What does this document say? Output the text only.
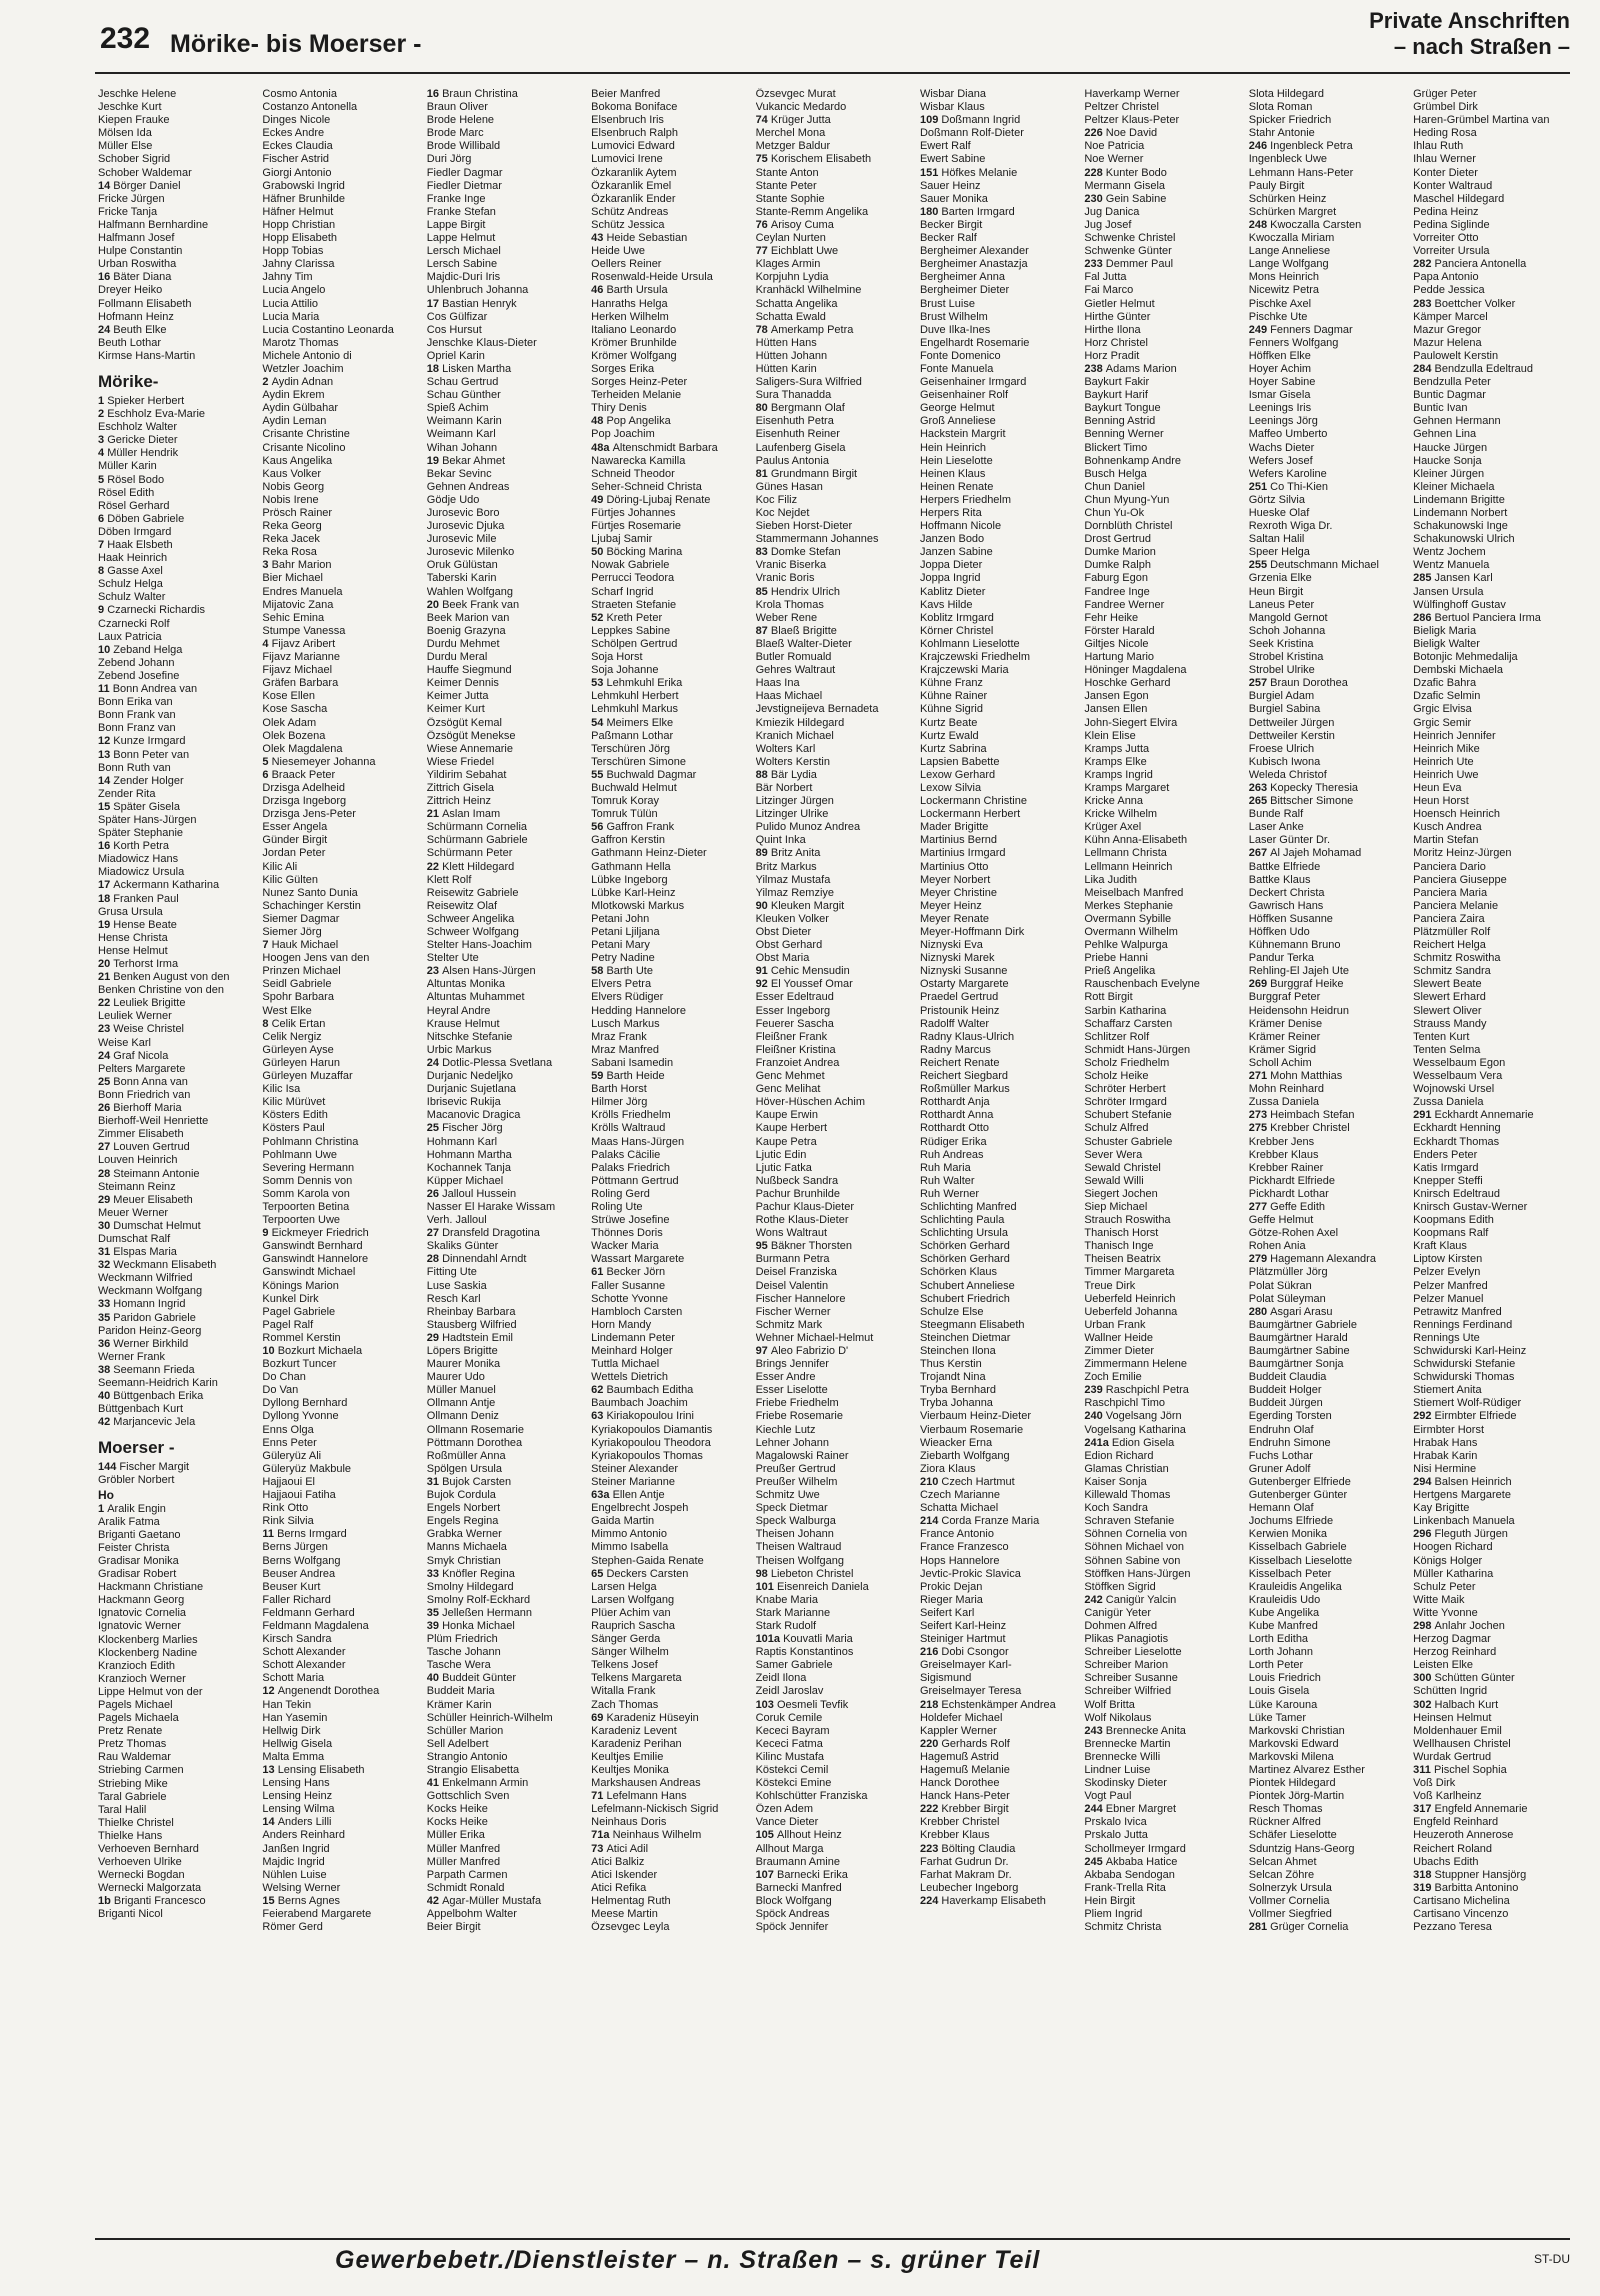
232 Mörike- bis Moerser -
Private Anschriften
– nach Straßen –
Jeschke Helene
Jeschke Kurt
Kiepen Frauke
Mölsen Ida
Müller Else
Schober Sigrid
Schober Waldemar
14 Börger Daniel
Fricke Jürgen
Fricke Tanja
Halfmann Bernhardine
Halfmann Josef
Hulpe Constantin
Urban Roswitha
16 Bäter Diana
Dreyer Heiko
Follmann Elisabeth
Hofmann Heinz
24 Beuth Elke
Beuth Lothar
Kirmse Hans-Martin
Mörike-
1 Spieker Herbert
2 Eschholz Eva-Marie
Eschholz Walter
3 Gericke Dieter
4 Müller Hendrik
Müller Karin
5 Rösel Bodo
Rösel Edith
Rösel Gerhard
6 Döben Gabriele
Döben Irmgard
7 Haak Elsbeth
Haak Heinrich
8 Gasse Axel
Schulz Helga
Schulz Walter
9 Czarnecki Richardis
Czarnecki Rolf
Laux Patricia
10 Zeband Helga
Zebend Johann
Zebend Josefine
11 Bonn Andrea van
Bonn Erika van
Bonn Frank van
Bonn Franz van
12 Kunze Irmgard
13 Bonn Peter van
Bonn Ruth van
14 Zender Holger
Zender Rita
15 Später Gisela
Später Hans-Jürgen
Später Stephanie
16 Korth Petra
Miadowicz Hans
Miadowicz Ursula
17 Ackermann Katharina
18 Franken Paul
Grusa Ursula
19 Hense Beate
Hense Christa
Hense Helmut
20 Terhorst Irma
21 Benken August von den
Benken Christine von den
22 Leuliek Brigitte
Leuliek Werner
23 Weise Christel
Weise Karl
24 Graf Nicola
Pelters Margarete
25 Bonn Anna van
Bonn Friedrich van
26 Bierhoff Maria
Bierhoff-Weil Henriette
Zimmer Elisabeth
27 Louven Gertrud
Louven Heinrich
28 Steimann Antonie
Steimann Reinz
29 Meuer Elisabeth
Meuer Werner
30 Dumschat Helmut
Dumschat Ralf
31 Elspas Maria
32 Weckmann Elisabeth
Weckmann Wilfried
Weckmann Wolfgang
33 Homann Ingrid
35 Paridon Gabriele
Paridon Heinz-Georg
36 Werner Birkhild
Werner Frank
38 Seemann Frieda
Seemann-Heidrich Karin
40 Büttgenbach Erika
Büttgenbach Kurt
42 Marjancevic Jela
Moerser -
144 Fischer Margit
Gröbler Norbert
Ho
1 Aralik Engin
Aralik Fatma
Briganti Gaetano
Feister Christa
Gradisar Monika
Gradisar Robert
Hackmann Christiane
Hackmann Georg
Ignatovic Cornelia
Ignatovic Werner
Klockenberg Marlies
Klockenberg Nadine
Kranzioch Edith
Kranzioch Werner
Lippe Helmut von der
Pagels Michael
Pagels Michaela
Pretz Renate
Pretz Thomas
Rau Waldemar
Striebing Carmen
Striebing Mike
Taral Gabriele
Taral Halil
Thielke Christel
Thielke Hans
Verhoeven Bernhard
Verhoeven Ulrike
Wernecki Bogdan
Wernecki Malgorzata
1b Briganti Francesco
Briganti Nicol
Cosmo Antonia
Costanzo Antonella
Dinges Nicole
Eckes Andre
Eckes Claudia
Fischer Astrid
Giorgi Antonio
Grabowski Ingrid
Häfner Brunhilde
Häfner Helmut
Hopp Christian
Hopp Elisabeth
Hopp Tobias
Jahny Clarissa
Jahny Tim
Lucia Angelo
Lucia Attilio
Lucia Maria
Lucia Costantino Leonarda
Marotz Thomas
Michele Antonio di
Wetzler Joachim
2 Aydin Adnan
Aydin Ekrem
Aydin Gülbahar
Aydin Leman
Crisante Christine
Crisante Nicolino
Kaus Angelika
Kaus Volker
Nobis Georg
Nobis Irene
Prösch Rainer
Reka Georg
Reka Jacek
Reka Rosa
3 Bahr Marion
Bier Michael
Endres Manuela
Mijatovic Zana
Sehic Emina
Stumpe Vanessa
4 Fijavz Aribert
Fijavz Marianne
Fijavz Michael
Gräfen Barbara
Kose Ellen
Kose Sascha
Olek Adam
Olek Bozena
Olek Magdalena
5 Niesemeyer Johanna
6 Braack Peter
Drzisga Adelheid
Drzisga Ingeborg
Drzisga Jens-Peter
Esser Angela
Günder Birgit
Jordan Peter
Kilic Ali
Kilic Gülten
Nunez Santo Dunia
Schachinger Kerstin
Siemer Dagmar
Siemer Jörg
7 Hauk Michael
Hoogen Jens van den
Prinzen Michael
Seidl Gabriele
Spohr Barbara
West Elke
8 Celik Ertan
Celik Nergiz
Gürleyen Ayse
Gürleyen Harun
Gürleyen Muzaffar
Kilic Isa
Kilic Mürüvet
Kösters Edith
Kösters Paul
Pohlmann Christina
Pohlmann Uwe
Severing Hermann
Somm Dennis von
Somm Karola von
Terpoorten Betina
Terpoorten Uwe
9 Eickmeyer Friedrich
Ganswindt Bernhard
Ganswindt Hannelore
Ganswindt Michael
Könings Marion
Kunkel Dirk
Pagel Gabriele
Pagel Ralf
Rommel Kerstin
10 Bozkurt Michaela
Bozkurt Tuncer
Do Chan
Do Van
Dyllong Bernhard
Dyllong Yvonne
Enns Olga
Enns Peter
Güleryüz Ali
Güleryüz Makbule
Hajjaoui El
Hajjaoui Fatiha
Rink Otto
Rink Silvia
11 Berns Irmgard
Berns Jürgen
Berns Wolfgang
Beuser Andrea
Beuser Kurt
Faller Richard
Feldmann Gerhard
Feldmann Magdalena
Kirsch Sandra
Schott Alexander
Schott Alexander
Schott Maria
12 Angenendt Dorothea
Han Tekin
Han Yasemin
Hellwig Dirk
Hellwig Gisela
Malta Emma
13 Lensing Elisabeth
Lensing Hans
Lensing Heinz
Lensing Wilma
14 Anders Lilli
Anders Reinhard
Janßen Ingrid
Majdic Ingrid
Nühlen Luise
Welsing Werner
15 Berns Agnes
Feierabend Margarete
Römer Gerd
16 Braun Christina
Braun Oliver
Brode Helene
Brode Marc
Brode Willibald
Duri Jörg
Fiedler Dagmar
Fiedler Dietmar
Franke Inge
Franke Stefan
Lappe Birgit
Lappe Helmut
Lersch Michael
Lersch Sabine
Majdic-Duri Iris
Uhlenbruch Johanna
17 Bastian Henryk
Cos Gülfizar
Cos Hursut
Jenschke Klaus-Dieter
Opriel Karin
18 Lisken Martha
Schau Gertrud
Schau Günther
Spieß Achim
Weimann Karin
Weimann Karl
Wihan Johann
19 Bekar Ahmet
Bekar Sevinc
Gehnen Andreas
Gödje Udo
Jurosevic Boro
Jurosevic Djuka
Jurosevic Mile
Jurosevic Milenko
Oruk Gülüstan
Taberski Karin
Wahlen Wolfgang
20 Beek Frank van
Beek Marion van
Boenig Grazyna
Durdu Mehmet
Durdu Meral
Hauffe Siegmund
Keimer Dennis
Keimer Jutta
Keimer Kurt
Özsögüt Kemal
Özsögüt Menekse
Wiese Annemarie
Wiese Friedel
Yildirim Sebahat
Zittrich Gisela
Zittrich Heinz
21 Aslan Imam
Schürmann Cornelia
Schürmann Gabriele
Schürmann Peter
22 Klett Hildegard
Klett Rolf
Reisewitz Gabriele
Reisewitz Olaf
Schweer Angelika
Schweer Wolfgang
Stelter Hans-Joachim
Stelter Ute
23 Alsen Hans-Jürgen
Altuntas Monika
Altuntas Muhammet
Heyral Andre
Krause Helmut
Nitschke Stefanie
Urbic Markus
24 Dotlic-Plessa Svetlana
Durjanic Nedeljko
Durjanic Sujetlana
Ibrisevic Rukija
Macanovic Dragica
25 Fischer Jörg
Hohmann Karl
Hohmann Martha
Kochannek Tanja
Küpper Michael
26 Jalloul Hussein
Nasser El Harake Wissam
Verh. Jalloul
27 Dransfeld Dragotina
Skaliks Günter
28 Dinnendahl Arndt
Fitting Ute
Luse Saskia
Resch Karl
Rheinbay Barbara
Stausberg Wilfried
29 Hadtstein Emil
Löpers Brigitte
Maurer Monika
Maurer Udo
Müller Manuel
Ollmann Antje
Ollmann Deniz
Ollmann Rosemarie
Pöttmann Dorothea
Roßmüller Anna
Spölgen Ursula
31 Bujok Carsten
Bujok Cordula
Engels Norbert
Engels Regina
Grabka Werner
Manns Michaela
Smyk Christian
33 Knöfler Regina
Smolny Hildegard
Smolny Rolf-Eckhard
35 Jelleßen Hermann
39 Honka Michael
Plüm Friedrich
Tasche Johann
Tasche Wera
40 Buddeit Günter
Buddeit Maria
Krämer Karin
Schüller Heinrich-Wilhelm
Schüller Marion
Sell Adelbert
Strangio Antonio
Strangio Elisabetta
41 Enkelmann Armin
Gottschlich Sven
Kocks Heike
Kocks Heike
Müller Erika
Müller Manfred
Müller Manfred
Parpath Carmen
Schmidt Ronald
42 Agar-Müller Mustafa
Appelbohm Walter
Beier Birgit
Beier Manfred
Bokoma Boniface
Elsenbruch Iris
Elsenbruch Ralph
Lumovici Edward
Lumovici Irene
Özkaranlik Aytem
Özkaranlik Emel
Özkaranlik Ender
Schütz Andreas
Schütz Jessica
43 Heide Sebastian
Heide Uwe
Oellers Reiner
Rosenwald-Heide Ursula
46 Barth Ursula
Hanraths Helga
Herken Wilhelm
Italiano Leonardo
Krömer Brunhilde
Krömer Wolfgang
Sorges Erika
Sorges Heinz-Peter
Terheiden Melanie
Thiry Denis
48 Pop Angelika
Pop Joachim
48a Altenschmidt Barbara
Nawarecka Kamilla
Schneid Theodor
Seher-Schneid Christa
49 Döring-Ljubaj Renate
Fürtjes Johannes
Fürtjes Rosemarie
Ljubaj Samir
50 Böcking Marina
Nowak Gabriele
Perrucci Teodora
Scharf Ingrid
Straeten Stefanie
52 Kreth Peter
Leppkes Sabine
Schölpen Gertrud
Soja Horst
Soja Johanne
53 Lehmkuhl Erika
Lehmkuhl Herbert
Lehmkuhl Markus
54 Meimers Elke
Paßmann Lothar
Terschüren Jörg
Terschüren Simone
55 Buchwald Dagmar
Buchwald Helmut
Tomruk Koray
Tomruk Tülün
56 Gaffron Frank
Gaffron Kerstin
Gathmann Heinz-Dieter
Gathmann Hella
Lübke Ingeborg
Lübke Karl-Heinz
Mlotkowski Markus
Petani John
Petani Ljiljana
Petani Mary
Petry Nadine
58 Barth Ute
Elvers Petra
Elvers Rüdiger
Hedding Hannelore
Lusch Markus
Mraz Frank
Mraz Manfred
Sabani Isamedin
59 Barth Heide
Barth Horst
Hilmer Jörg
Krölls Friedhelm
Krölls Waltraud
Maas Hans-Jürgen
Palaks Cäcilie
Palaks Friedrich
Pöttmann Gertrud
Roling Gerd
Roling Ute
Strüwe Josefine
Thönnes Doris
Wacker Maria
Wassart Margarete
61 Becker Jörn
Faller Susanne
Schotte Yvonne
Hambloch Carsten
Horn Mandy
Lindemann Peter
Meinhard Holger
Tuttla Michael
Wettels Dietrich
62 Baumbach Editha
Baumbach Joachim
63 Kiriakopoulou Irini
Kyriakopoulos Diamantis
Kyriakopoulou Theodora
Kyriakopoulos Thomas
Steiner Alexander
Steiner Marianne
63a Ellen Antje
Engelbrecht Jospeh
Gaida Martin
Mimmo Antonio
Mimmo Isabella
Stephen-Gaida Renate
65 Deckers Carsten
Larsen Helga
Larsen Wolfgang
Plüer Achim van
Rauprich Sascha
Sänger Gerda
Sänger Wilhelm
Telkens Josef
Telkens Margareta
Witalla Frank
Zach Thomas
69 Karadeniz Hüseyin
Karadeniz Levent
Karadeniz Perihan
Keultjes Emilie
Keultjes Monika
Markshausen Andreas
71 Lefelmann Hans
Lefelmann-Nickisch Sigrid
Neinhaus Doris
71a Neinhaus Wilhelm
73 Atici Adil
Atici Balkiz
Atici Iskender
Atici Refika
Helmentag Ruth
Meese Martin
Özsevgec Leyla
Özsevgec Murat
Vukancic Medardo
74 Krüger Jutta
Merchel Mona
Metzger Baldur
75 Korischem Elisabeth
Stante Anton
Stante Peter
Stante Sophie
Stante-Remm Angelika
76 Arisoy Cuma
Ceylan Nurten
77 Eichblatt Uwe
Klages Armin
Korpjuhn Lydia
Kranhäckl Wilhelmine
Schatta Angelika
Schatta Ewald
78 Amerkamp Petra
Hütten Hans
Hütten Johann
Hütten Karin
Saligers-Sura Wilfried
Sura Thanadda
80 Bergmann Olaf
Eisenhuth Petra
Eisenhuth Reiner
Laufenberg Gisela
Paulus Antonia
81 Grundmann Birgit
Günes Hasan
Koc Filiz
Koc Nejdet
Sieben Horst-Dieter
Stammermann Johannes
83 Domke Stefan
Vranic Biserka
Vranic Boris
85 Hendrix Ulrich
Krola Thomas
Weber Rene
87 Blaeß Brigitte
Blaeß Walter-Dieter
Butler Romuald
Gehres Waltraut
Haas Ina
Haas Michael
Jevstigneijeva Bernadeta
Kmiezik Hildegard
Kranich Michael
Wolters Karl
Wolters Kerstin
88 Bär Lydia
Bär Norbert
Litzinger Jürgen
Litzinger Ulrike
Pulido Munoz Andrea
Quint Inka
89 Britz Anita
Britz Markus
Yilmaz Mustafa
Yilmaz Remziye
90 Kleuken Margit
Kleuken Volker
Obst Dieter
Obst Gerhard
Obst Maria
91 Cehic Mensudin
92 El Youssef Omar
Esser Edeltraud
Esser Ingeborg
Feuerer Sascha
Fleißner Frank
Fleißner Kristina
Franzoiet Andrea
Genc Mehmet
Genc Melihat
Höver-Hüschen Achim
Kaupe Erwin
Kaupe Herbert
Kaupe Petra
Ljutic Edin
Ljutic Fatka
Nußbeck Sandra
Pachur Brunhilde
Pachur Klaus-Dieter
Rothe Klaus-Dieter
Wons Waltraut
95 Bäkner Thorsten
Burmann Petra
Deisel Franziska
Deisel Valentin
Fischer Hannelore
Fischer Werner
Schmitz Mark
Wehner Michael-Helmut
97 Aleo Fabrizio D'
Brings Jennifer
Esser Andre
Esser Liselotte
Friebe Friedhelm
Friebe Rosemarie
Kiechle Lutz
Lehner Johann
Magalowski Rainer
Preußer Gertrud
Preußer Wilhelm
Schmitz Uwe
Speck Dietmar
Speck Walburga
Theisen Johann
Theisen Waltraud
Theisen Wolfgang
98 Liebeton Christel
101 Eisenreich Daniela
Knabe Maria
Stark Marianne
Stark Rudolf
101a Kouvatli Maria
Raptis Konstantinos
Samer Gabriele
Zeidl Ilona
Zeidl Jaroslav
103 Oesmeli Tevfik
Coruk Cemile
Kececi Bayram
Kececi Fatma
Kilinc Mustafa
Köstekci Cemil
Köstekci Emine
Kohlschütter Franziska
Özen Adem
Vance Dieter
105 Allhout Heinz
Allhout Marga
Braumann Amine
107 Barnecki Erika
Barnecki Manfred
Block Wolfgang
Spöck Andreas
Spöck Jennifer
Wisbar Diana
Wisbar Klaus
109 Doßmann Ingrid
Doßmann Rolf-Dieter
Ewert Ralf
Ewert Sabine
151 Höfkes Melanie
Sauer Heinz
Sauer Monika
180 Barten Irmgard
Becker Birgit
Becker Ralf
Bergheimer Alexander
Bergheimer Anastazja
Bergheimer Anna
Bergheimer Dieter
Brust Luise
Brust Wilhelm
Duve Ilka-Ines
Engelhardt Rosemarie
Fonte Domenico
Fonte Manuela
Geisenhainer Irmgard
Geisenhainer Rolf
George Helmut
Groß Anneliese
Hackstein Margrit
Hein Heinrich
Hein Lieselotte
Heinen Klaus
Heinen Renate
Herpers Friedhelm
Herpers Rita
Hoffmann Nicole
Janzen Bodo
Janzen Sabine
Joppa Dieter
Joppa Ingrid
Kablitz Dieter
Kavs Hilde
Koblitz Irmgard
Körner Christel
Kohlmann Lieselotte
Krajczewski Friedhelm
Krajczewski Maria
Kühne Franz
Kühne Rainer
Kühne Sigrid
Kurtz Beate
Kurtz Ewald
Kurtz Sabrina
Lapsien Babette
Lexow Gerhard
Lexow Silvia
Lockermann Christine
Lockermann Herbert
Mader Brigitte
Martinius Bernd
Martinius Irmgard
Martinius Otto
Meyer Norbert
Meyer Christine
Meyer Heinz
Meyer Renate
Meyer-Hoffmann Dirk
Niznyski Eva
Niznyski Marek
Niznyski Susanne
Ostarty Margarete
Praedel Gertrud
Pristounik Heinz
Radolff Walter
Radny Klaus-Ulrich
Radny Marcus
Reichert Renate
Reichert Siegbard
Roßmüller Markus
Rotthardt Anja
Rotthardt Anna
Rotthardt Otto
Rüdiger Erika
Ruh Andreas
Ruh Maria
Ruh Walter
Ruh Werner
Schlichting Manfred
Schlichting Paula
Schlichting Ursula
Schörken Gerhard
Schörken Gerhard
Schörken Klaus
Schubert Anneliese
Schubert Friedrich
Schulze Else
Steegmann Elisabeth
Steinchen Dietmar
Steinchen Ilona
Thus Kerstin
Trojandt Nina
Tryba Bernhard
Tryba Johanna
Vierbaum Heinz-Dieter
Vierbaum Rosemarie
Wieacker Erna
Ziebarth Wolfgang
Ziora Klaus
210 Czech Hartmut
Czech Marianne
Schatta Michael
214 Corda Franze Maria
France Antonio
France Franzesco
Hops Hannelore
Jevtic-Prokic Slavica
Prokic Dejan
Rieger Maria
Seifert Karl
Seifert Karl-Heinz
Steiniger Hartmut
216 Dobi Csongor
Greiselmayer Karl-
Sigismund
Greiselmayer Teresa
218 Echstenkämper Andrea
Holdefer Michael
Kappler Werner
220 Gerhards Rolf
Hagemuß Astrid
Hagemuß Melanie
Hanck Dorothee
Hanck Hans-Peter
222 Krebber Birgit
Krebber Christel
Krebber Klaus
223 Bölting Claudia
Farhat Gudrun Dr.
Farhat Makram Dr.
Leubecher Ingeborg
224 Haverkamp Elisabeth
Haverkamp Werner
Peltzer Christel
Peltzer Klaus-Peter
226 Noe David
Noe Patricia
Noe Werner
228 Kunter Bodo
Mermann Gisela
230 Gein Sabine
Jug Danica
Jug Josef
Schwenke Christel
Schwenke Günter
233 Demmer Paul
Fal Jutta
Fai Marco
Gietler Helmut
Hirthe Günter
Hirthe Ilona
Horz Christel
Horz Pradit
238 Adams Marion
Baykurt Fakir
Baykurt Harif
Baykurt Tongue
Benning Astrid
Benning Werner
Blickert Timo
Bohnenkamp Andre
Busch Helga
Chun Daniel
Chun Myung-Yun
Chun Yu-Ok
Dornblüth Christel
Drost Gertrud
Dumke Marion
Dumke Ralph
Faburg Egon
Fandree Inge
Fandree Werner
Fehr Heike
Förster Harald
Giltjes Nicole
Hartung Mario
Höninger Magdalena
Hoschke Gerhard
Jansen Egon
Jansen Ellen
John-Siegert Elvira
Klein Elise
Kramps Jutta
Kramps Elke
Kramps Ingrid
Kramps Margaret
Kricke Anna
Kricke Wilhelm
Krüger Axel
Kühn Anna-Elisabeth
Lellmann Christa
Lellmann Heinrich
Lika Judith
Meiselbach Manfred
Merkes Stephanie
Overmann Sybille
Overmann Wilhelm
Pehlke Walpurga
Priebe Hanni
Prieß Angelika
Rauschenbach Evelyne
Rott Birgit
Sarbin Katharina
Schaffarz Carsten
Schlitzer Rolf
Schmidt Hans-Jürgen
Scholz Friedhelm
Scholz Heike
Schröter Herbert
Schröter Irmgard
Schubert Stefanie
Schulz Alfred
Schuster Gabriele
Sever Wera
Sewald Christel
Sewald Willi
Siegert Jochen
Siep Michael
Strauch Roswitha
Thanisch Horst
Thanisch Inge
Theisen Beatrix
Timmer Margareta
Treue Dirk
Ueberfeld Heinrich
Ueberfeld Johanna
Urban Frank
Wallner Heide
Zimmer Dieter
Zimmermann Helene
Zoch Emilie
239 Raschpichl Petra
Raschpichl Timo
240 Vogelsang Jörn
Vogelsang Katharina
241a Edion Gisela
Edion Richard
Glamas Christian
Kaiser Sonja
Killewald Thomas
Koch Sandra
Schraven Stefanie
Söhnen Cornelia von
Söhnen Michael von
Söhnen Sabine von
Stöffken Hans-Jürgen
Stöffken Sigrid
242 Canigür Yalcin
Canigür Yeter
Dohmen Alfred
Plikas Panagiotis
Schreiber Lieselotte
Schreiber Marion
Schreiber Susanne
Schreiber Wilfried
Wolf Britta
Wolf Nikolaus
243 Brennecke Anita
Brennecke Martin
Brennecke Willi
Lindner Luise
Skodinsky Dieter
Vogt Paul
244 Ebner Margret
Prskalo Ivica
Prskalo Jutta
Schollmeyer Irmgard
245 Akbaba Hatice
Akbaba Sendogan
Frank-Trella Rita
Hein Birgit
Pliem Ingrid
Schmitz Christa
Slota Hildegard
Slota Roman
Spicker Friedrich
Stahr Antonie
246 Ingenbleck Petra
Ingenbleck Uwe
Lehmann Hans-Peter
Pauly Birgit
Schürken Heinz
Schürken Margret
248 Kwoczalla Carsten
Kwoczalla Miriam
Lange Anneliese
Lange Wolfgang
Mons Heinrich
Nicewitz Petra
Pischke Axel
Pischke Ute
249 Fenners Dagmar
Fenners Wolfgang
Höffken Elke
Hoyer Achim
Hoyer Sabine
Ismar Gisela
Leenings Iris
Leenings Jörg
Maffeo Umberto
Wachs Dieter
Wefers Josef
Wefers Karoline
251 Co Thi-Kien
Görtz Silvia
Hueske Olaf
Rexroth Wiga Dr.
Saltan Halil
Speer Helga
255 Deutschmann Michael
Grzenia Elke
Heun Birgit
Laneus Peter
Mangold Gernot
Schoh Johanna
Seek Kristina
Strobel Kristina
Strobel Ulrike
257 Braun Dorothea
Burgiel Adam
Burgiel Sabina
Dettweiler Jürgen
Dettweiler Kerstin
Froese Ulrich
Kubisch Iwona
Weleda Christof
263 Kopecky Theresia
265 Bittscher Simone
Bunde Ralf
Laser Anke
Laser Günter Dr.
267 Al Jajeh Mohamad
Battke Elfriede
Battke Klaus
Deckert Christa
Gawrisch Hans
Höffken Susanne
Höffken Udo
Kühnemann Bruno
Pandur Terka
Rehling-El Jajeh Ute
269 Burggraf Heike
Burggraf Peter
Heidensohn Heidrun
Krämer Denise
Krämer Reiner
Krämer Sigrid
Scholl Achim
271 Mohn Matthias
Mohn Reinhard
Zussa Daniela
273 Heimbach Stefan
275 Krebber Christel
Krebber Jens
Krebber Klaus
Krebber Rainer
Pickhardt Elfriede
Pickhardt Lothar
277 Geffe Edith
Geffe Helmut
Götze-Rohen Axel
Rohen Ania
279 Hagemann Alexandra
Plätzmüller Jörg
Polat Sükran
Polat Süleyman
280 Asgari Arasu
Baumgärtner Gabriele
Baumgärtner Harald
Baumgärtner Sabine
Baumgärtner Sonja
Buddeit Claudia
Buddeit Holger
Buddeit Jürgen
Egerding Torsten
Endruhn Olaf
Endruhn Simone
Fuchs Lothar
Gruner Adolf
Gutenberger Elfriede
Gutenberger Günter
Hemann Olaf
Jochums Elfriede
Kerwien Monika
Kisselbach Gabriele
Kisselbach Lieselotte
Kisselbach Peter
Krauleidis Angelika
Krauleidis Udo
Kube Angelika
Kube Manfred
Lorth Editha
Lorth Johann
Lorth Peter
Louis Friedrich
Louis Gisela
Lüke Karouna
Lüke Tamer
Markovski Christian
Markovski Edward
Markovski Milena
Martinez Alvarez Esther
Piontek Hildegard
Piontek Jörg-Martin
Resch Thomas
Rückner Alfred
Schäfer Lieselotte
Sduntzig Hans-Georg
Selcan Ahmet
Selcan Zöhre
Solnerzyk Ursula
Vollmer Cornelia
Vollmer Siegfried
281 Grüger Cornelia
Grüger Peter
Grümbel Dirk
Haren-Grümbel Martina van
Heding Rosa
Ihlau Ruth
Ihlau Werner
Konter Dieter
Konter Waltraud
Maschel Hildegard
Pedina Heinz
Pedina Siglinde
Vorreiter Otto
Vorreiter Ursula
282 Panciera Antonella
Papa Antonio
Pedde Jessica
283 Boettcher Volker
Kämper Marcel
Mazur Gregor
Mazur Helena
Paulowelt Kerstin
284 Bendzulla Edeltraud
Bendzulla Peter
Buntic Dagmar
Buntic Ivan
Gehnen Hermann
Gehnen Lina
Haucke Jürgen
Haucke Sonja
Kleiner Jürgen
Kleiner Michaela
Lindemann Brigitte
Lindemann Norbert
Schakunowski Inge
Schakunowski Ulrich
Wentz Jochem
Wentz Manuela
285 Jansen Karl
Jansen Ursula
Wülfinghoff Gustav
286 Bertuol Panciera Irma
Bieligk Maria
Bieligk Walter
Botonjic Mehmedalija
Dembski Michaela
Dzafic Bahra
Dzafic Selmin
Grgic Elvisa
Grgic Semir
Heinrich Jennifer
Heinrich Mike
Heinrich Ute
Heinrich Uwe
Heun Eva
Heun Horst
Hoensch Heinrich
Kusch Andrea
Martin Stefan
Moritz Heinz-Jürgen
Panciera Dario
Panciera Giuseppe
Panciera Maria
Panciera Melanie
Panciera Zaira
Plätzmüller Rolf
Reichert Helga
Schmitz Roswitha
Schmitz Sandra
Slewert Beate
Slewert Erhard
Slewert Oliver
Strauss Mandy
Tenten Kurt
Tenten Selma
Wesselbaum Egon
Wesselbaum Vera
Wojnowski Ursel
Zussa Daniela
291 Eckhardt Annemarie
Eckhardt Henning
Eckhardt Thomas
Enders Peter
Katis Irmgard
Knepper Steffi
Knirsch Edeltraud
Knirsch Gustav-Werner
Koopmans Edith
Koopmans Ralf
Kraft Klaus
Liptow Kirsten
Pelzer Evelyn
Pelzer Manfred
Pelzer Manuel
Petrawitz Manfred
Rennings Ferdinand
Rennings Ute
Schwidurski Karl-Heinz
Schwidurski Stefanie
Schwidurski Thomas
Stiemert Anita
Stiemert Wolf-Rüdiger
292 Eirmbter Elfriede
Eirmbter Horst
Hrabak Hans
Hrabak Karin
Nisi Hermine
294 Balsen Heinrich
Hertgens Margarete
Kay Brigitte
Linkenbach Manuela
296 Fleguth Jürgen
Hoogen Richard
Königs Holger
Müller Katharina
Schulz Peter
Witte Maik
Witte Yvonne
298 Anlahr Jochen
Herzog Dagmar
Herzog Reinhard
Leisten Elke
300 Schütten Günter
Schütten Ingrid
302 Halbach Kurt
Heinsen Helmut
Moldenhauer Emil
Wellhausen Christel
Wurdak Gertrud
311 Pischel Sophia
Voß Dirk
Voß Karlheinz
317 Engfeld Annemarie
Engfeld Reinhard
Heuzeroth Annerose
Reichert Roland
Ubachs Edith
318 Stuppner Hansjörg
319 Barbitta Antonino
Cartisano Michelina
Cartisano Vincenzo
Pezzano Teresa
Gewerbebetr./Dienstleister – n. Straßen – s. grüner Teil	ST-DU
